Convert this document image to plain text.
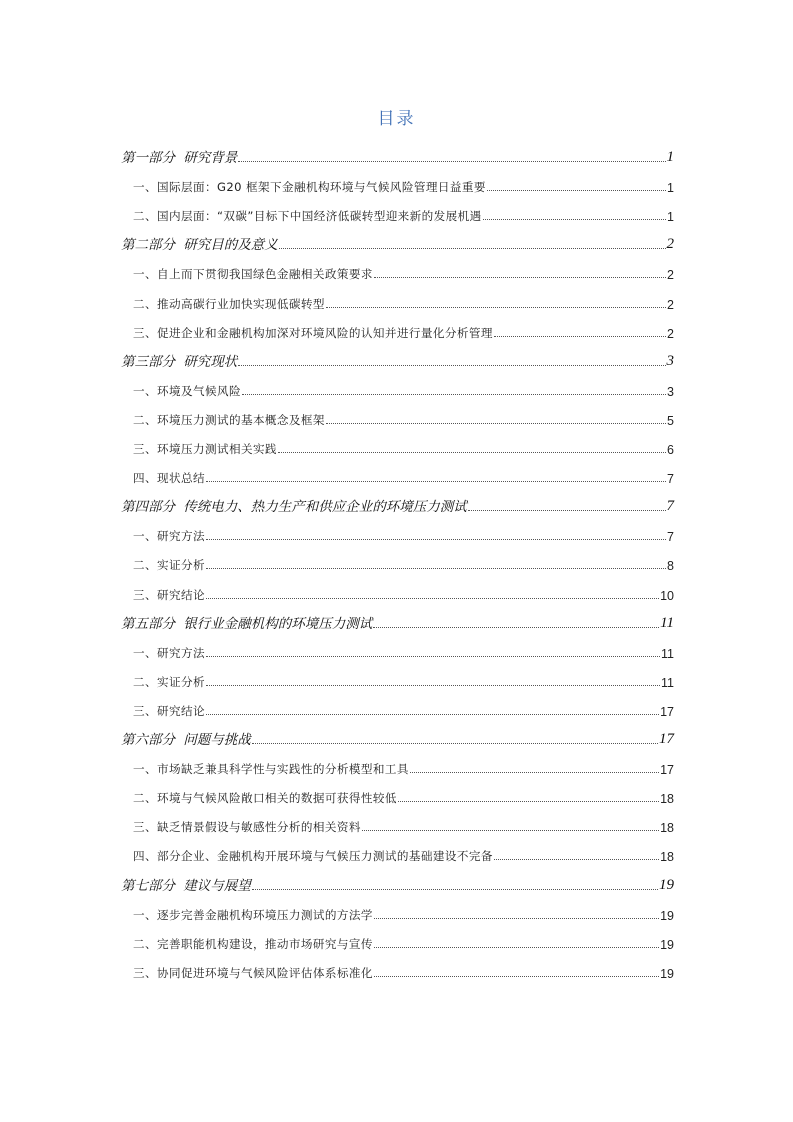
目录
第一部分 研究背景	1
一、国际层面：G20 框架下金融机构环境与气候风险管理日益重要	1
二、国内层面：“双碳”目标下中国经济低碳转型迎来新的发展机遇	1
第二部分 研究目的及意义	2
一、自上而下贯彻我国绿色金融相关政策要求	2
二、推动高碳行业加快实现低碳转型	2
三、促进企业和金融机构加深对环境风险的认知并进行量化分析管理	2
第三部分 研究现状	3
一、环境及气候风险	3
二、环境压力测试的基本概念及框架	5
三、环境压力测试相关实践	6
四、现状总结	7
第四部分 传统电力、热力生产和供应企业的环境压力测试	7
一、研究方法	7
二、实证分析	8
三、研究结论	10
第五部分 银行业金融机构的环境压力测试	11
一、研究方法	11
二、实证分析	11
三、研究结论	17
第六部分 问题与挑战	17
一、市场缺乏兼具科学性与实践性的分析模型和工具	17
二、环境与气候风险敞口相关的数据可获得性较低	18
三、缺乏情景假设与敏感性分析的相关资料	18
四、部分企业、金融机构开展环境与气候压力测试的基础建设不完备	18
第七部分 建议与展望	19
一、逐步完善金融机构环境压力测试的方法学	19
二、完善职能机构建设，推动市场研究与宣传	19
三、协同促进环境与气候风险评估体系标准化	19
